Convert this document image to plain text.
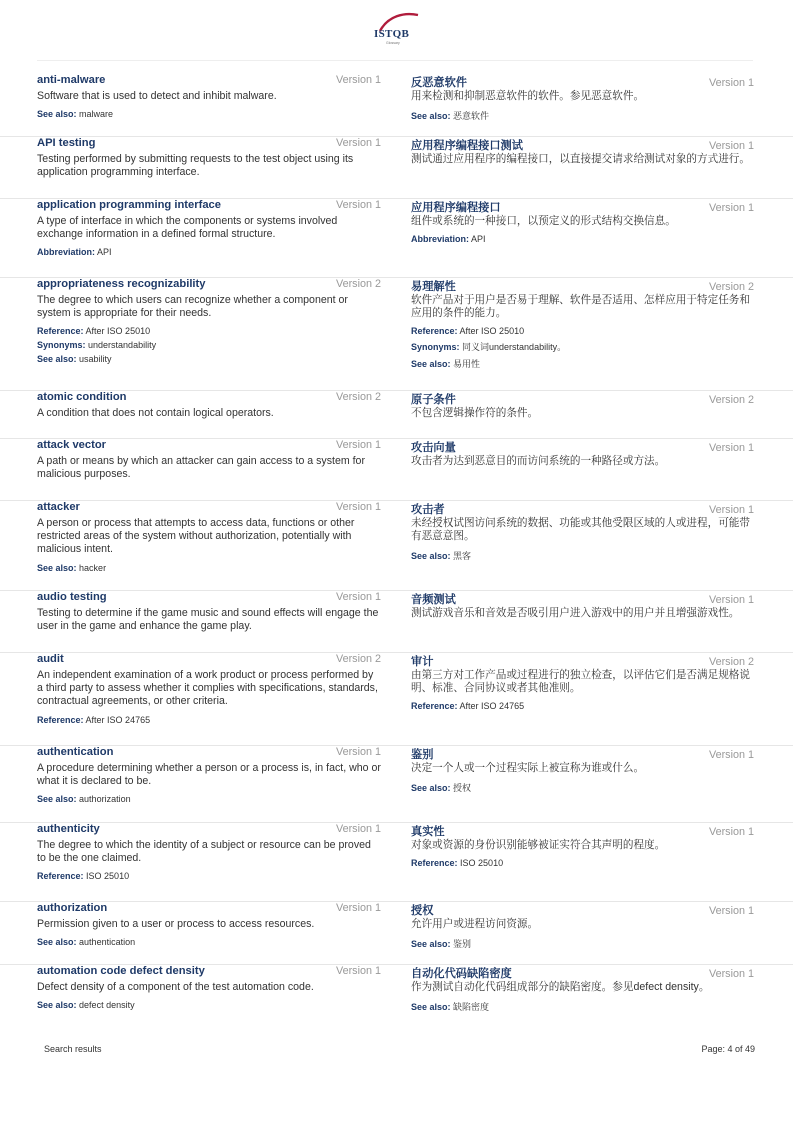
ISTQB
Glossary
anti-malware	Version 1
Software that is used to detect and inhibit malware.
See also: malware
反恶意软件	Version 1
用来检测和抑制恶意软件的软件。参见恶意软件。
See also: 恶意软件
API testing	Version 1
Testing performed by submitting requests to the test object using its application programming interface.
应用程序编程接口测试	Version 1
测试通过应用程序的编程接口，以直接提交请求给测试对象的方式进行。
application programming interface	Version 1
A type of interface in which the components or systems involved exchange information in a defined formal structure.
Abbreviation: API
应用程序编程接口	Version 1
组件或系统的一种接口，以预定义的形式结构交换信息。
Abbreviation: API
appropriateness recognizability	Version 2
The degree to which users can recognize whether a component or system is appropriate for their needs.
Reference: After ISO 25010
Synonyms: understandability
See also: usability
易理解性	Version 2
软件产品对于用户是否易于理解、软件是否适用、怎样应用于特定任务和应用的条件的能力。
Reference: After ISO 25010
Synonyms: 同义词understandability。
See also: 易用性
atomic condition	Version 2
A condition that does not contain logical operators.
原子条件	Version 2
不包含逻辑操作符的条件。
attack vector	Version 1
A path or means by which an attacker can gain access to a system for malicious purposes.
攻击向量	Version 1
攻击者为达到恶意目的而访问系统的一种路径或方法。
attacker	Version 1
A person or process that attempts to access data, functions or other restricted areas of the system without authorization, potentially with malicious intent.
See also: hacker
攻击者	Version 1
未经授权试图访问系统的数据、功能或其他受限区域的人或进程，可能带有恶意意图。
See also: 黑客
audio testing	Version 1
Testing to determine if the game music and sound effects will engage the user in the game and enhance the game play.
音频测试	Version 1
测试游戏音乐和音效是否吸引用户进入游戏中的用户并且增强游戏性。
audit	Version 2
An independent examination of a work product or process performed by a third party to assess whether it complies with specifications, standards, contractual agreements, or other criteria.
Reference: After ISO 24765
审计	Version 2
由第三方对工作产品或过程进行的独立检查，以评估它们是否满足规格说明、标准、合同协议或者其他准则。
Reference: After ISO 24765
authentication	Version 1
A procedure determining whether a person or a process is, in fact, who or what it is declared to be.
See also: authorization
鉴别	Version 1
决定一个人或一个过程实际上被宣称为谁或什么。
See also: 授权
authenticity	Version 1
The degree to which the identity of a subject or resource can be proved to be the one claimed.
Reference: ISO 25010
真实性	Version 1
对象或资源的身份识别能够被证实符合其声明的程度。
Reference: ISO 25010
authorization	Version 1
Permission given to a user or process to access resources.
See also: authentication
授权	Version 1
允许用户或进程访问资源。
See also: 鉴别
automation code defect density	Version 1
Defect density of a component of the test automation code.
See also: defect density
自动化代码缺陷密度	Version 1
作为测试自动化代码组成部分的缺陷密度。参见defect density。
See also: 缺陷密度
Search results	Page: 4 of 49
